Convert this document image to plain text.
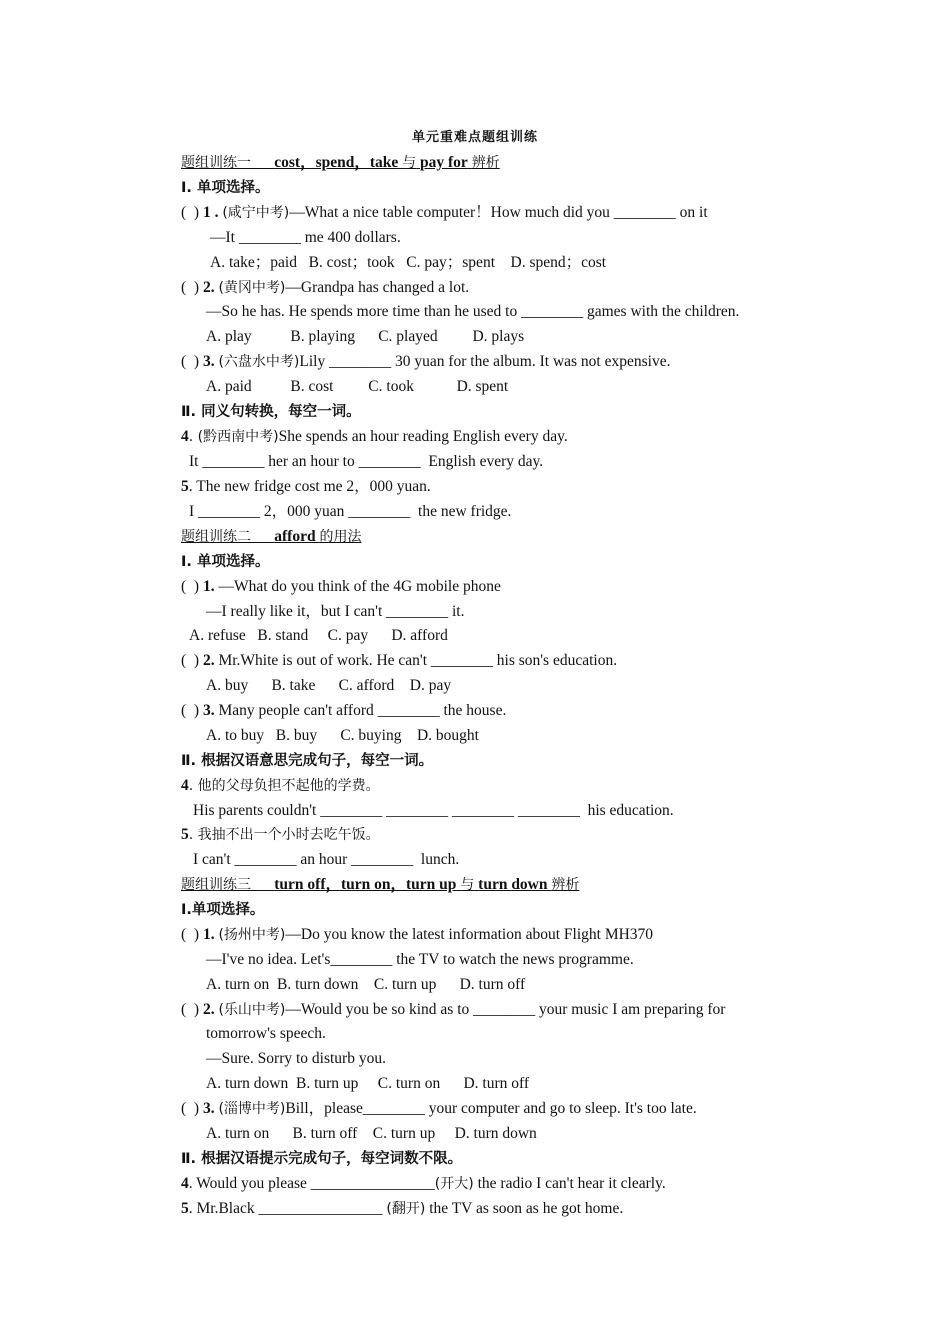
单元重难点题组训练
题组训练一 cost，spend，take 与 pay for 辨析
Ⅰ. 单项选择。
(  ) 1 . (咸宁中考)—What a nice table computer！How much did you ________ on it
—It ________ me 400 dollars.
A. take；paid   B. cost；took   C. pay；spent    D. spend；cost
(  ) 2. (黄冈中考)—Grandpa has changed a lot.
—So he has. He spends more time than he used to ________ games with the children.
A. play          B. playing      C. played         D. plays
(  ) 3. (六盘水中考)Lily ________ 30 yuan for the album. It was not expensive.
A. paid          B. cost         C. took           D. spent
Ⅱ. 同义句转换，每空一词。
4. (黔西南中考)She spends an hour reading English every day.
It ________ her an hour to ________  English every day.
5. The new fridge cost me 2，000 yuan.
I ________ 2，000 yuan ________  the new fridge.
题组训练二 afford 的用法
Ⅰ. 单项选择。
(  ) 1. —What do you think of the 4G mobile phone
—I really like it，but I can't ________ it.
A. refuse   B. stand     C. pay      D. afford
(  ) 2. Mr.White is out of work. He can't ________ his son's education.
A. buy      B. take      C. afford    D. pay
(  ) 3. Many people can't afford ________ the house.
A. to buy   B. buy      C. buying    D. bought
Ⅱ. 根据汉语意思完成句子，每空一词。
4. 他的父母负担不起他的学费。
His parents couldn't ________ ________ ________ ________  his education.
5. 我抽不出一个小时去吃午饭。
I can't ________ an hour ________  lunch.
题组训练三 turn off，turn on，turn up 与 turn down 辨析
Ⅰ.单项选择。
(  ) 1. (扬州中考)—Do you know the latest information about Flight MH370
—I've no idea. Let's________ the TV to watch the news programme.
A. turn on  B. turn down    C. turn up      D. turn off
(  ) 2. (乐山中考)—Would you be so kind as to ________ your music I am preparing for
tomorrow's speech.
—Sure. Sorry to disturb you.
A. turn down  B. turn up     C. turn on      D. turn off
(  ) 3. (淄博中考)Bill，please________ your computer and go to sleep. It's too late.
A. turn on      B. turn off    C. turn up     D. turn down
Ⅱ. 根据汉语提示完成句子，每空词数不限。
4. Would you please ________________(开大) the radio I can't hear it clearly.
5. Mr.Black ________________ (翻开) the TV as soon as he got home.
